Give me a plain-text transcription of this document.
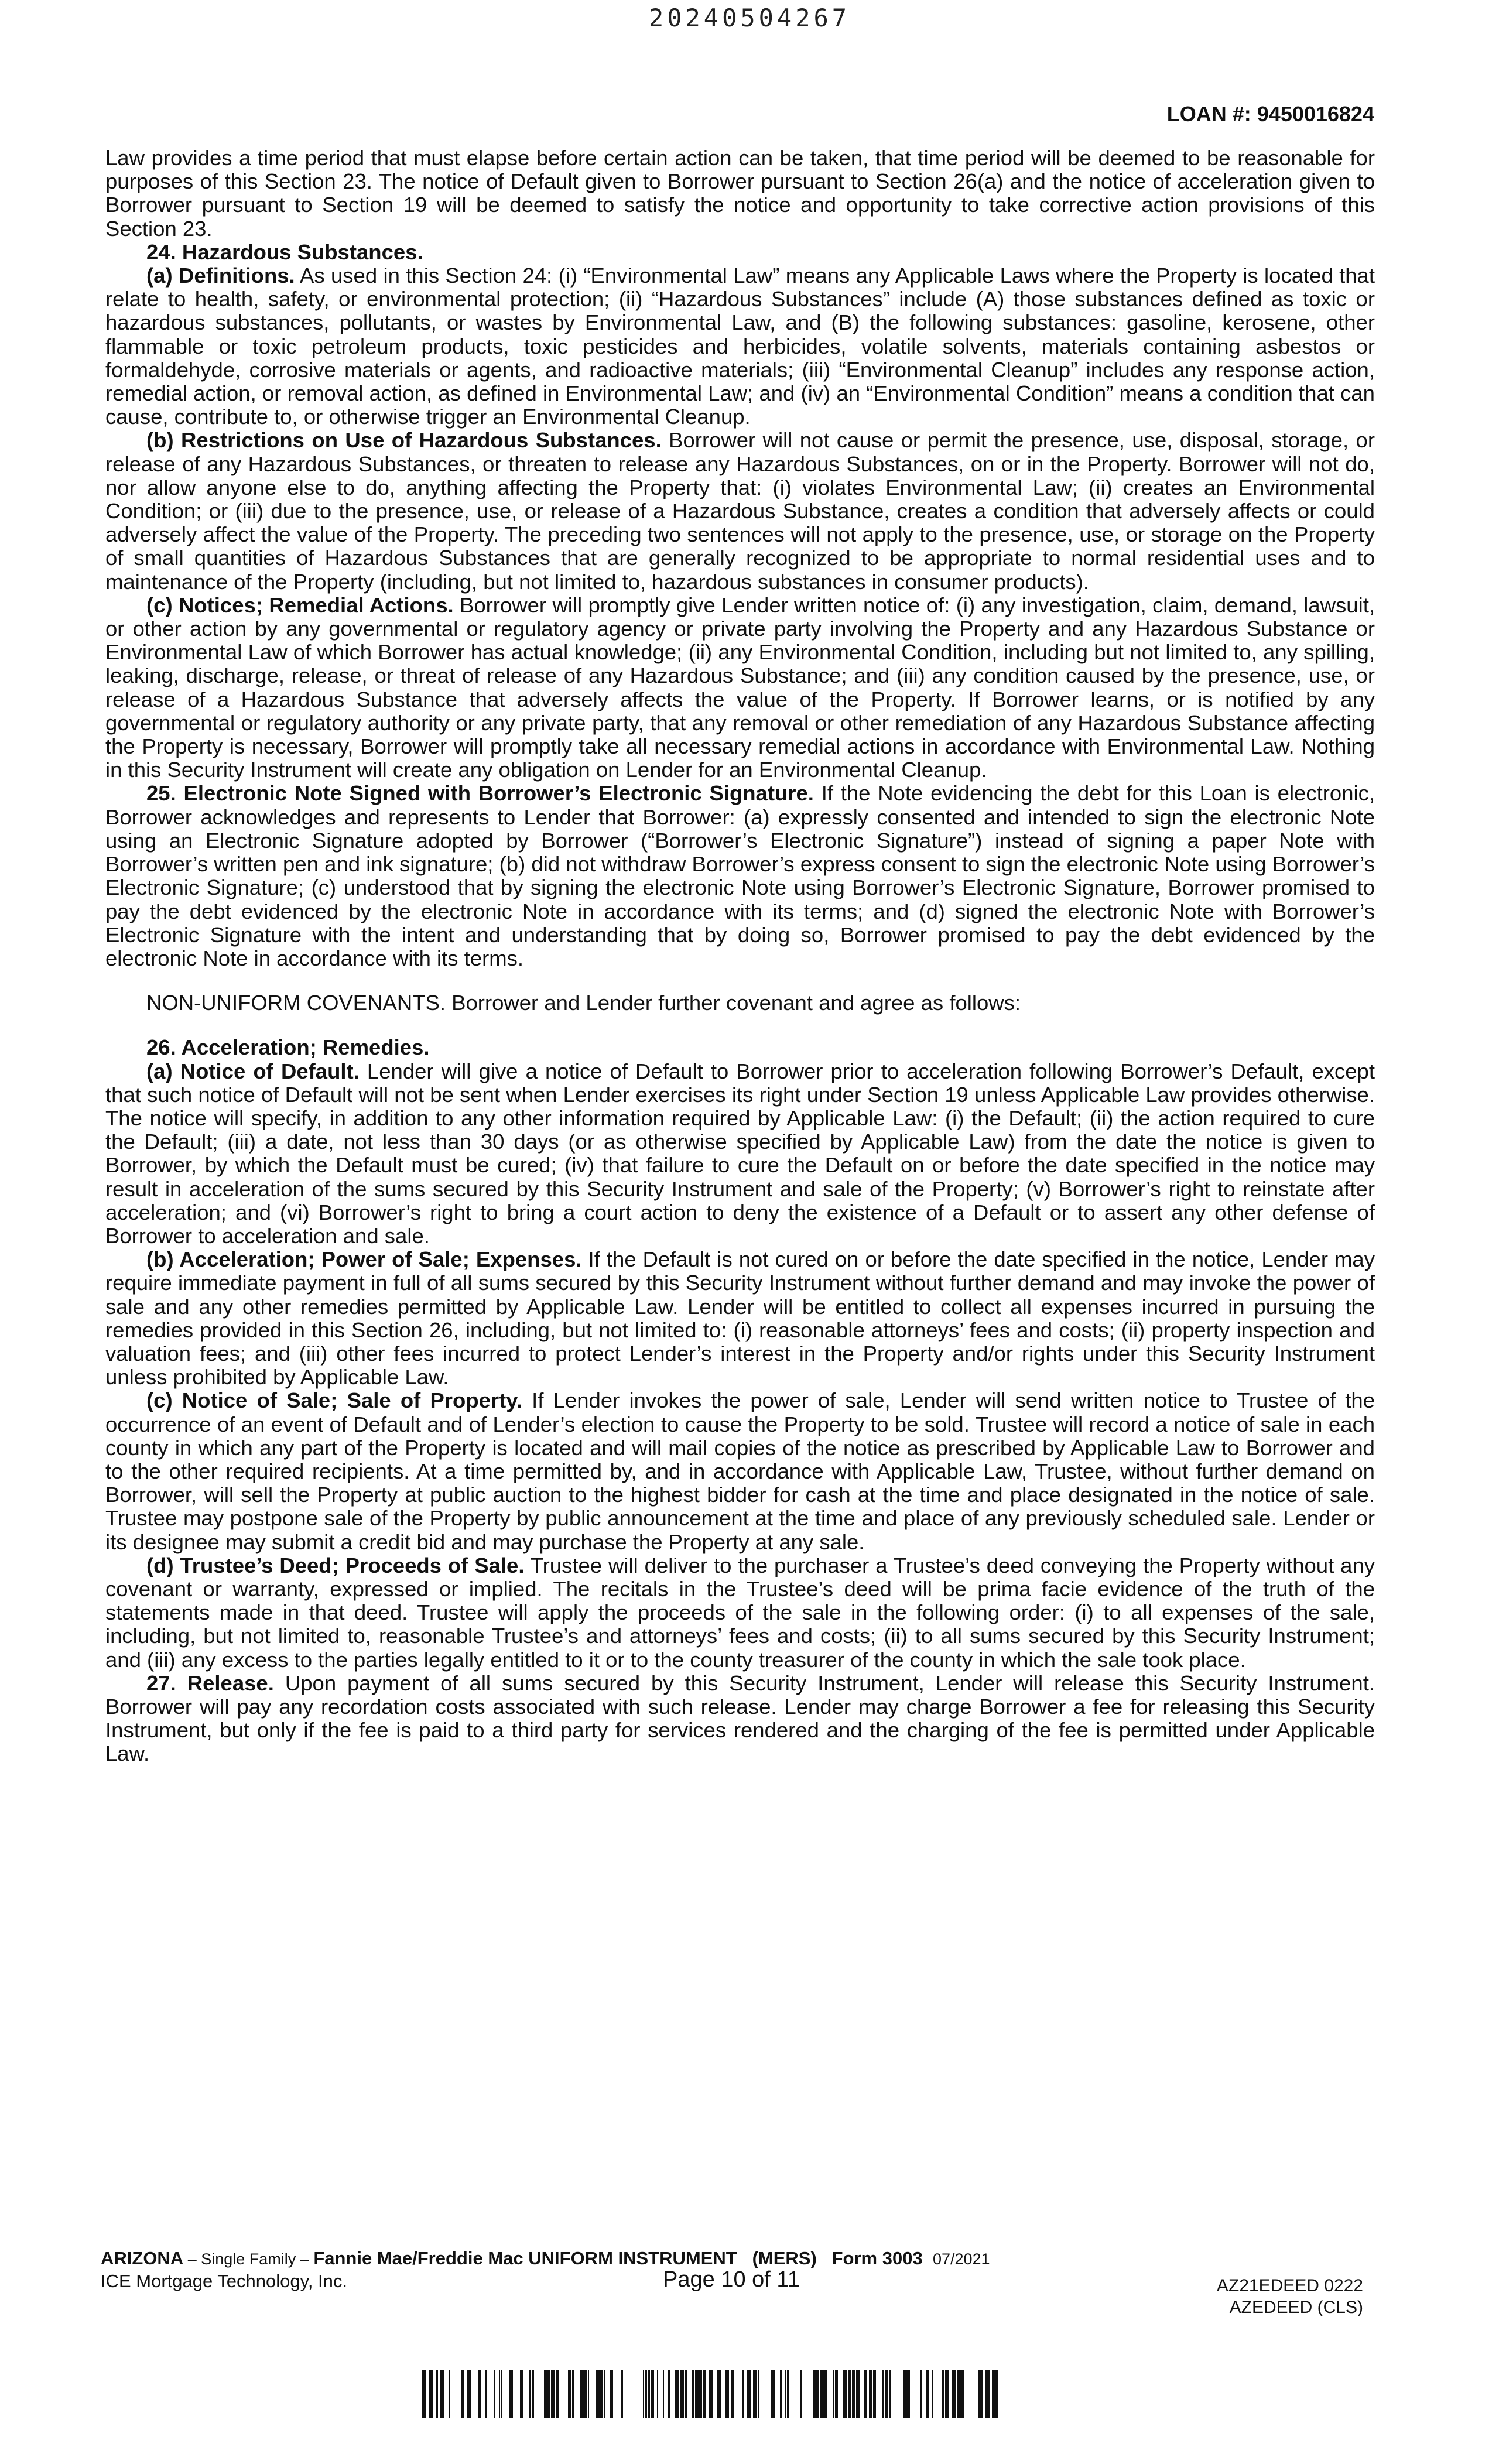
20240504267
LOAN #: 9450016824

Law provides a time period that must elapse before certain action can be taken, that time period will be deemed to be reasonable for purposes of this Section 23. The notice of Default given to Borrower pursuant to Section 26(a) and the notice of acceleration given to Borrower pursuant to Section 19 will be deemed to satisfy the notice and opportunity to take corrective action provisions of this Section 23.

24. Hazardous Substances.

(a) Definitions. As used in this Section 24: (i) “Environmental Law” means any Applicable Laws where the Property is located that relate to health, safety, or environmental protection; (ii) “Hazardous Substances” include (A) those substances defined as toxic or hazardous substances, pollutants, or wastes by Environmental Law, and (B) the following substances: gasoline, kerosene, other flammable or toxic petroleum products, toxic pesticides and herbicides, volatile solvents, materials containing asbestos or formaldehyde, corrosive materials or agents, and radioactive materials; (iii) “Environmental Cleanup” includes any response action, remedial action, or removal action, as defined in Environmental Law; and (iv) an “Environmental Condition” means a condition that can cause, contribute to, or otherwise trigger an Environmental Cleanup.

(b) Restrictions on Use of Hazardous Substances. Borrower will not cause or permit the presence, use, disposal, storage, or release of any Hazardous Substances, or threaten to release any Hazardous Substances, on or in the Property. Borrower will not do, nor allow anyone else to do, anything affecting the Property that: (i) violates Environmental Law; (ii) creates an Environmental Condition; or (iii) due to the presence, use, or release of a Hazardous Substance, creates a condition that adversely affects or could adversely affect the value of the Property. The preceding two sentences will not apply to the presence, use, or storage on the Property of small quantities of Hazardous Substances that are generally recognized to be appropriate to normal residential uses and to maintenance of the Property (including, but not limited to, hazardous substances in consumer products).

(c) Notices; Remedial Actions. Borrower will promptly give Lender written notice of: (i) any investigation, claim, demand, lawsuit, or other action by any governmental or regulatory agency or private party involving the Property and any Hazardous Substance or Environmental Law of which Borrower has actual knowledge; (ii) any Environmental Condition, including but not limited to, any spilling, leaking, discharge, release, or threat of release of any Hazardous Substance; and (iii) any condition caused by the presence, use, or release of a Hazardous Substance that adversely affects the value of the Property. If Borrower learns, or is notified by any governmental or regulatory authority or any private party, that any removal or other remediation of any Hazardous Substance affecting the Property is necessary, Borrower will promptly take all necessary remedial actions in accordance with Environmental Law. Nothing in this Security Instrument will create any obligation on Lender for an Environmental Cleanup.

25. Electronic Note Signed with Borrower’s Electronic Signature. If the Note evidencing the debt for this Loan is electronic, Borrower acknowledges and represents to Lender that Borrower: (a) expressly consented and intended to sign the electronic Note using an Electronic Signature adopted by Borrower (“Borrower’s Electronic Signature”) instead of signing a paper Note with Borrower’s written pen and ink signature; (b) did not withdraw Borrower’s express consent to sign the electronic Note using Borrower’s Electronic Signature; (c) understood that by signing the electronic Note using Borrower’s Electronic Signature, Borrower promised to pay the debt evidenced by the electronic Note in accordance with its terms; and (d) signed the electronic Note with Borrower’s Electronic Signature with the intent and understanding that by doing so, Borrower promised to pay the debt evidenced by the electronic Note in accordance with its terms.

NON-UNIFORM COVENANTS. Borrower and Lender further covenant and agree as follows:

26. Acceleration; Remedies.

(a) Notice of Default. Lender will give a notice of Default to Borrower prior to acceleration following Borrower’s Default, except that such notice of Default will not be sent when Lender exercises its right under Section 19 unless Applicable Law provides otherwise. The notice will specify, in addition to any other information required by Applicable Law: (i) the Default; (ii) the action required to cure the Default; (iii) a date, not less than 30 days (or as otherwise specified by Applicable Law) from the date the notice is given to Borrower, by which the Default must be cured; (iv) that failure to cure the Default on or before the date specified in the notice may result in acceleration of the sums secured by this Security Instrument and sale of the Property; (v) Borrower’s right to reinstate after acceleration; and (vi) Borrower’s right to bring a court action to deny the existence of a Default or to assert any other defense of Borrower to acceleration and sale.

(b) Acceleration; Power of Sale; Expenses. If the Default is not cured on or before the date specified in the notice, Lender may require immediate payment in full of all sums secured by this Security Instrument without further demand and may invoke the power of sale and any other remedies permitted by Applicable Law. Lender will be entitled to collect all expenses incurred in pursuing the remedies provided in this Section 26, including, but not limited to: (i) reasonable attorneys’ fees and costs; (ii) property inspection and valuation fees; and (iii) other fees incurred to protect Lender’s interest in the Property and/or rights under this Security Instrument unless prohibited by Applicable Law.

(c) Notice of Sale; Sale of Property. If Lender invokes the power of sale, Lender will send written notice to Trustee of the occurrence of an event of Default and of Lender’s election to cause the Property to be sold. Trustee will record a notice of sale in each county in which any part of the Property is located and will mail copies of the notice as prescribed by Applicable Law to Borrower and to the other required recipients. At a time permitted by, and in accordance with Applicable Law, Trustee, without further demand on Borrower, will sell the Property at public auction to the highest bidder for cash at the time and place designated in the notice of sale. Trustee may postpone sale of the Property by public announcement at the time and place of any previously scheduled sale. Lender or its designee may submit a credit bid and may purchase the Property at any sale.

(d) Trustee’s Deed; Proceeds of Sale. Trustee will deliver to the purchaser a Trustee’s deed conveying the Property without any covenant or warranty, expressed or implied. The recitals in the Trustee’s deed will be prima facie evidence of the truth of the statements made in that deed. Trustee will apply the proceeds of the sale in the following order: (i) to all expenses of the sale, including, but not limited to, reasonable Trustee’s and attorneys’ fees and costs; (ii) to all sums secured by this Security Instrument; and (iii) any excess to the parties legally entitled to it or to the county treasurer of the county in which the sale took place.

27. Release. Upon payment of all sums secured by this Security Instrument, Lender will release this Security Instrument. Borrower will pay any recordation costs associated with such release. Lender may charge Borrower a fee for releasing this Security Instrument, but only if the fee is paid to a third party for services rendered and the charging of the fee is permitted under Applicable Law.

ARIZONA – Single Family – Fannie Mae/Freddie Mac UNIFORM INSTRUMENT (MERS) Form 3003 07/2021
ICE Mortgage Technology, Inc.	Page 10 of 11	AZ21EDEED 0222
AZEDEED (CLS)
